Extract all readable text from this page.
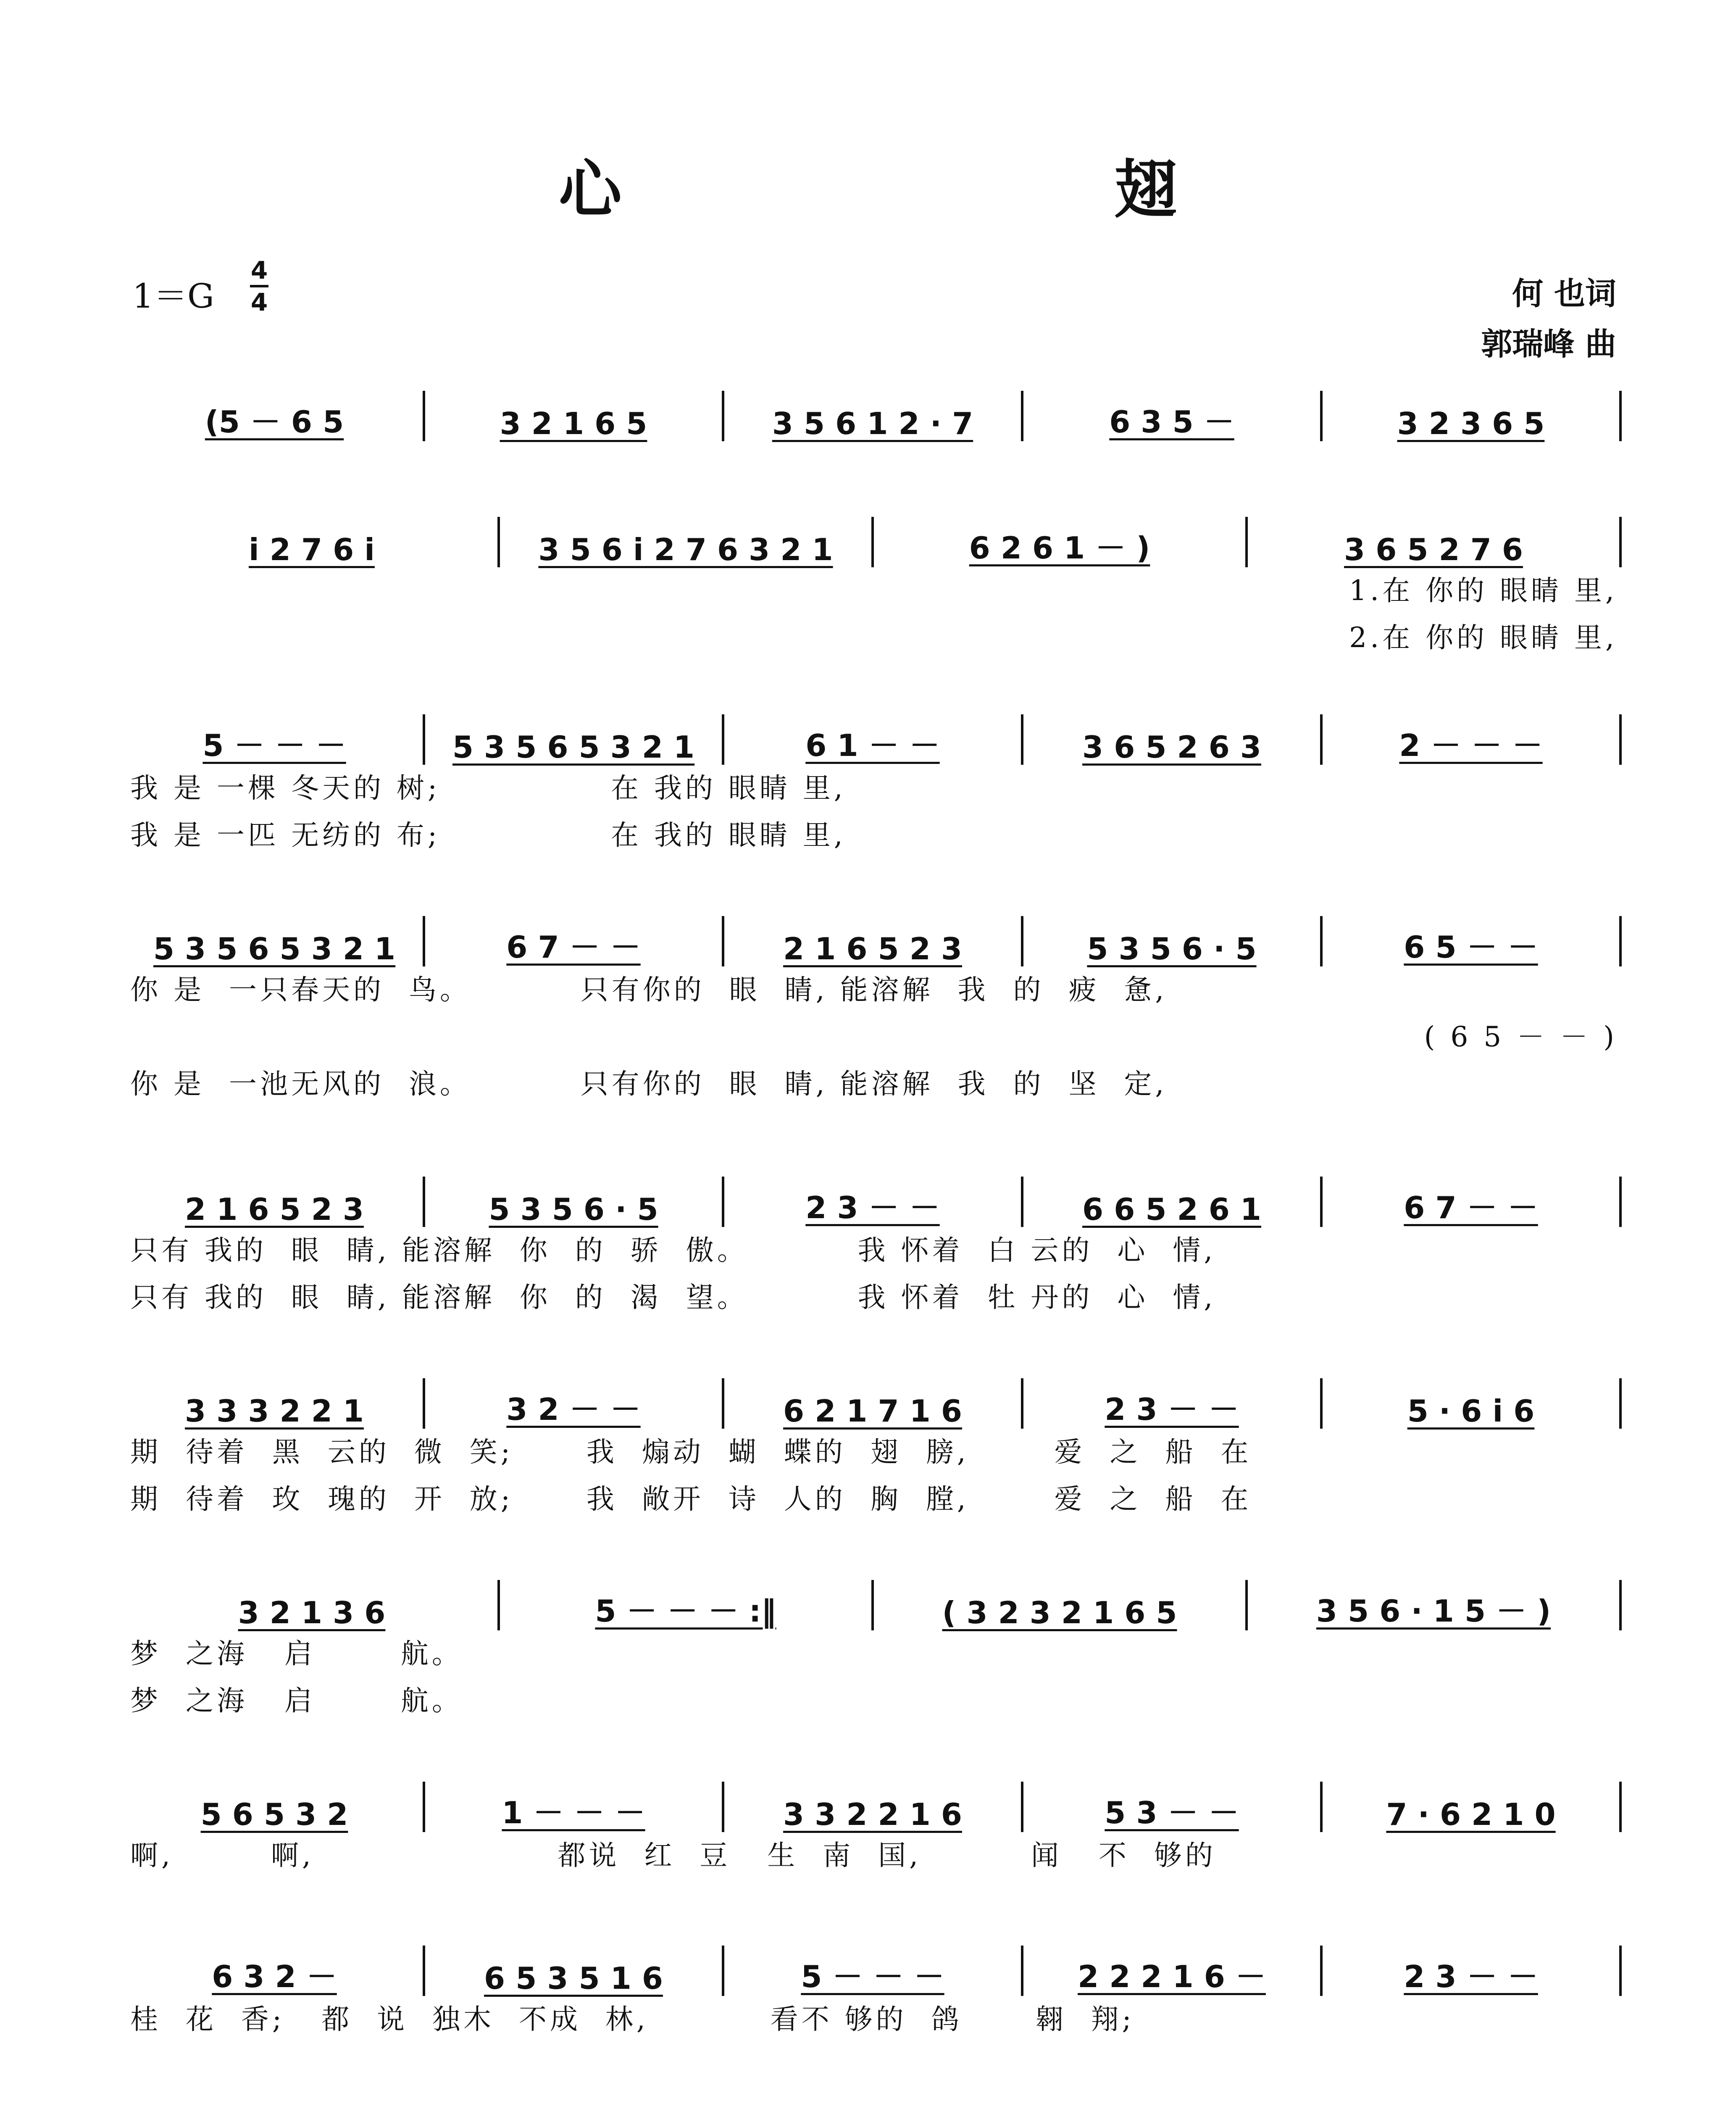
心 翅
1＝G
4
4	何 也词
郭瑞峰 曲
(5 － 6 5	3 2 1 6 5	3 5 6 1 2 · 7	6 3 5 －	3 2 3 6 5
i 2 7 6 i	3 5 6 i 2 7 6 3 2 1	6 2 6 1 － )	3 6 5 2 7 6
1.在 你的 眼睛 里,
2.在 你的 眼睛 里,
5 － － －	5 3 5 6 5 3 2 1	6 1 － －	3 6 5 2 6 3	2 － － －
我 是 一棵 冬天的 树;              在 我的 眼睛 里,
我 是 一匹 无纺的 布;              在 我的 眼睛 里,
5 3 5 6 5 3 2 1	6 7 － －	2 1 6 5 2 3	5 3 5 6 · 5	6 5 － －
你 是  一只春天的  鸟。         只有你的  眼  睛, 能溶解  我  的  疲  惫,
( 6 5 － － )
你 是  一池无风的  浪。         只有你的  眼  睛, 能溶解  我  的  坚  定,
2 1 6 5 2 3	5 3 5 6 · 5	2 3 － －	6 6 5 2 6 1	6 7 － －
只有 我的  眼  睛, 能溶解  你  的  骄  傲。         我 怀着  白 云的  心  情,
只有 我的  眼  睛, 能溶解  你  的  渴  望。         我 怀着  牡 丹的  心  情,
3 3 3 2 2 1	3 2 － －	6 2 1 7 1 6	2 3 － －	5 · 6 i 6
期  待着  黑  云的  微  笑;      我  煽动  蝴  蝶的  翅  膀,       爱  之  船  在
期  待着  玫  瑰的  开  放;      我  敞开  诗  人的  胸  膛,       爱  之  船  在
3 2 1 3 6	5 － － － :‖	( 3 2 3 2 1 6 5	3 5 6 · 1 5 － )
梦  之海   启       航。
梦  之海   启       航。
5 6 5 3 2	1 － － －	3 3 2 2 1 6	5 3 － －	7 · 6 2 1 0
啊,        啊,                    都说  红  豆   生  南  国,         闻   不  够的
6 3 2 －	6 5 3 5 1 6	5 － － －	2 2 2 1 6 －	2 3 － －
桂  花  香;   都  说  独木  不成  林,          看不 够的  鸽      翱  翔;
